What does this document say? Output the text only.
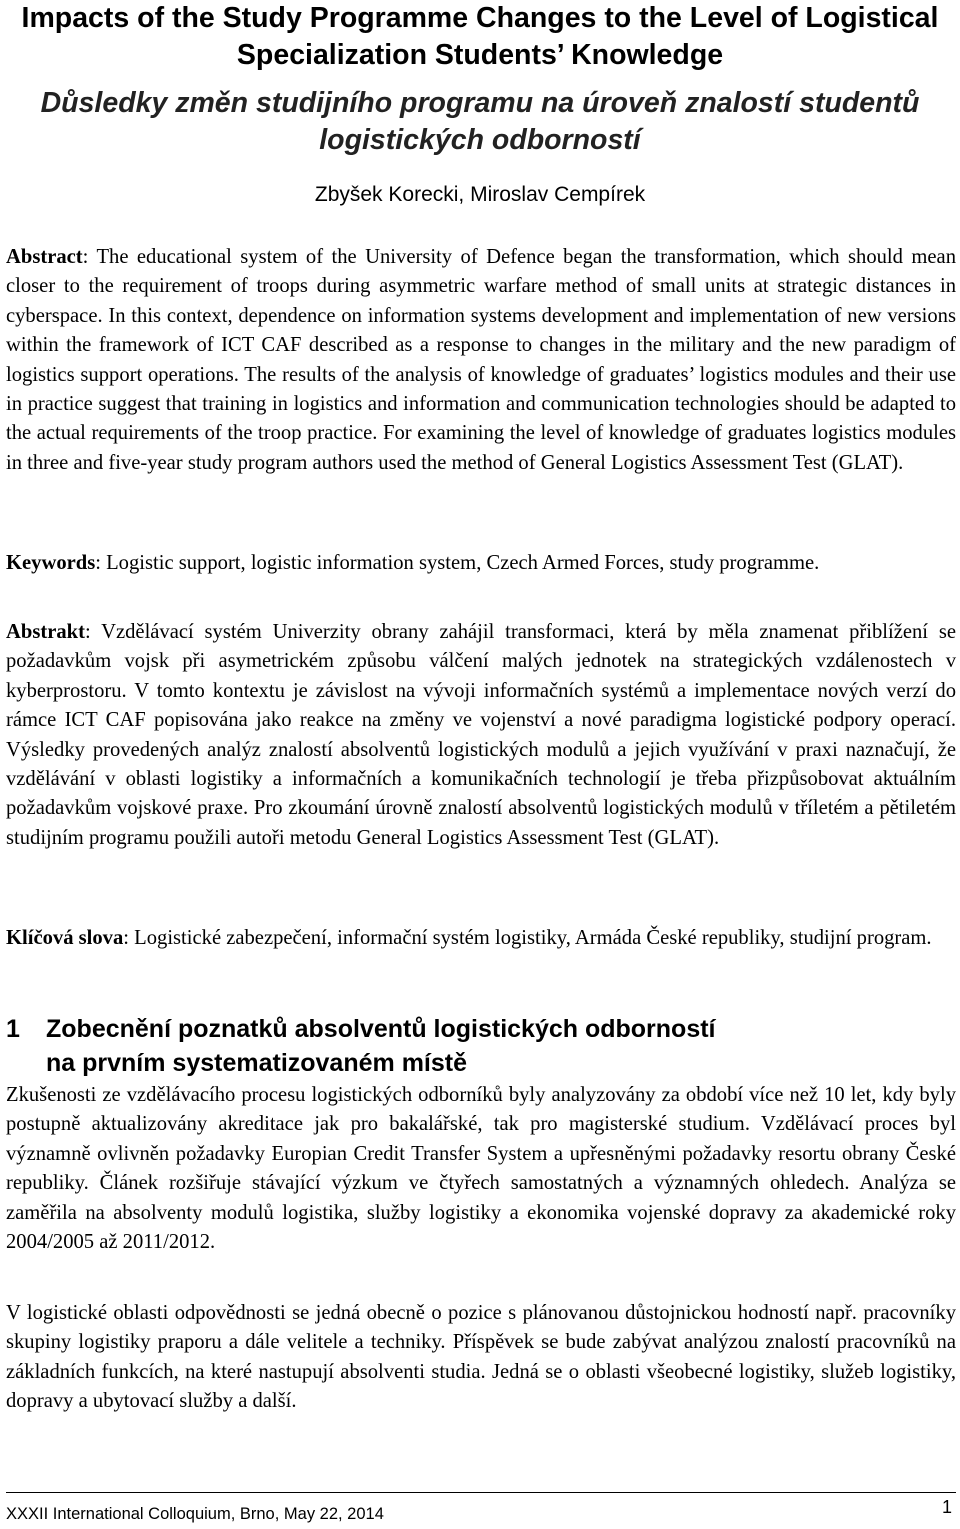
Impacts of the Study Programme Changes to the Level of Logistical Specialization Students’ Knowledge
Důsledky změn studijního programu na úroveň znalostí studentů logistických odborností
Zbyšek Korecki, Miroslav Cempírek

Abstract: The educational system of the University of Defence began the transformation, which should mean closer to the requirement of troops during asymmetric warfare method of small units at strategic distances in cyberspace. In this context, dependence on information systems development and implementation of new versions within the framework of ICT CAF described as a response to changes in the military and the new paradigm of logistics support operations. The results of the analysis of knowledge of graduates’ logistics modules and their use in practice suggest that training in logistics and information and communication technologies should be adapted to the actual requirements of the troop practice. For examining the level of knowledge of graduates logistics modules in three and five-year study program authors used the method of General Logistics Assessment Test (GLAT).

Keywords: Logistic support, logistic information system, Czech Armed Forces, study programme.

Abstrakt: Vzdělávací systém Univerzity obrany zahájil transformaci, která by měla znamenat přiblížení se požadavkům vojsk při asymetrickém způsobu válčení malých jednotek na strategických vzdálenostech v kyberprostoru. V tomto kontextu je závislost na vývoji informačních systémů a implementace nových verzí do rámce ICT CAF popisována jako reakce na změny ve vojenství a nové paradigma logistické podpory operací. Výsledky provedených analýz znalostí absolventů logistických modulů a jejich využívání v praxi naznačují, že vzdělávání v oblasti logistiky a informačních a komunikačních technologií je třeba přizpůsobovat aktuálním požadavkům vojskové praxe. Pro zkoumání úrovně znalostí absolventů logistických modulů v tříletém a pětiletém studijním programu použili autoři metodu General Logistics Assessment Test (GLAT).

Klíčová slova: Logistické zabezpečení, informační systém logistiky, Armáda České republiky, studijní program.

1 Zobecnění poznatků absolventů logistických odborností
na prvním systematizovaném místě

Zkušenosti ze vzdělávacího procesu logistických odborníků byly analyzovány za období více než 10 let, kdy byly postupně aktualizovány akreditace jak pro bakalářské, tak pro magisterské studium. Vzdělávací proces byl významně ovlivněn požadavky Europian Credit Transfer System a upřesněnými požadavky resortu obrany České republiky. Článek rozšiřuje stávající výzkum ve čtyřech samostatných a významných ohledech. Analýza se zaměřila na absolventy modulů logistika, služby logistiky a ekonomika vojenské dopravy za akademické roky 2004/2005 až 2011/2012.

V logistické oblasti odpovědnosti se jedná obecně o pozice s plánovanou důstojnickou hodností např. pracovníky skupiny logistiky praporu a dále velitele a techniky. Příspěvek se bude zabývat analýzou znalostí pracovníků na základních funkcích, na které nastupují absolventi studia. Jedná se o oblasti všeobecné logistiky, služeb logistiky, dopravy a ubytovací služby a další.

XXXII International Colloquium, Brno, May 22, 2014	1
